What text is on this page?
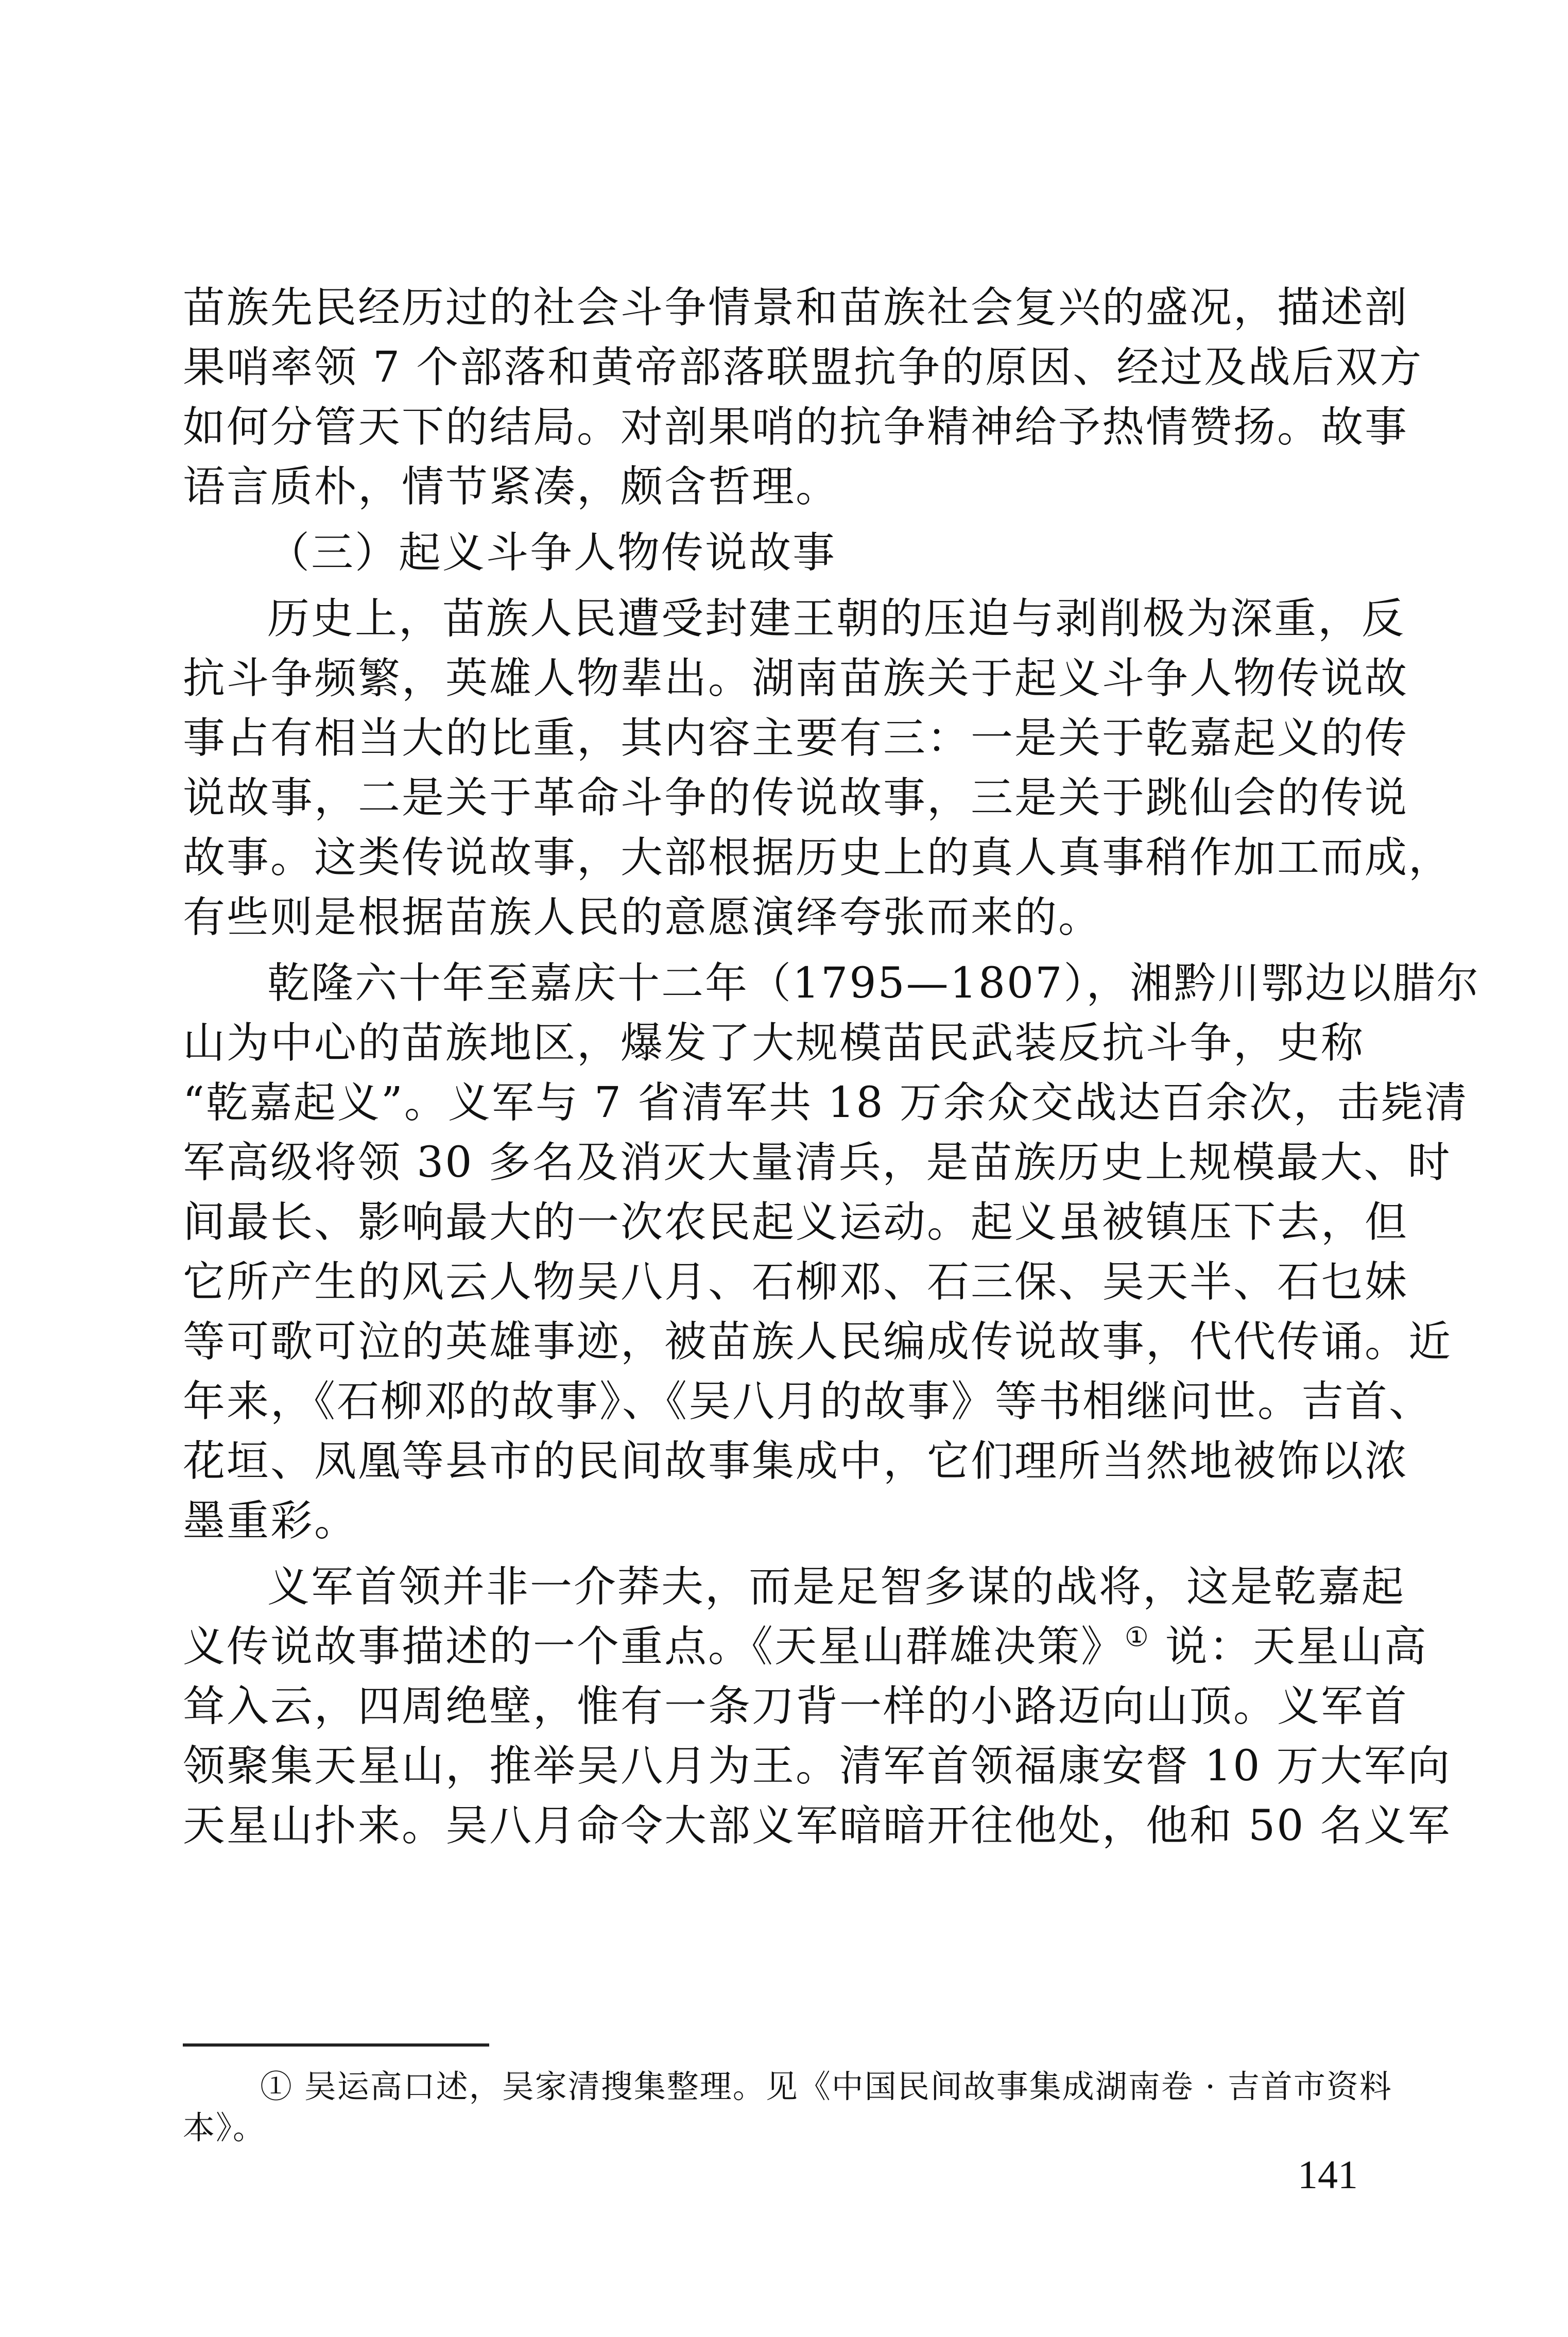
苗族先民经历过的社会斗争情景和苗族社会复兴的盛况，描述剖
果哨率领 7 个部落和黄帝部落联盟抗争的原因、经过及战后双方
如何分管天下的结局。对剖果哨的抗争精神给予热情赞扬。故事
语言质朴，情节紧凑，颇含哲理。
（三）起义斗争人物传说故事
历史上，苗族人民遭受封建王朝的压迫与剥削极为深重，反
抗斗争频繁，英雄人物辈出。湖南苗族关于起义斗争人物传说故
事占有相当大的比重，其内容主要有三：一是关于乾嘉起义的传
说故事，二是关于革命斗争的传说故事，三是关于跳仙会的传说
故事。这类传说故事，大部根据历史上的真人真事稍作加工而成，
有些则是根据苗族人民的意愿演绎夸张而来的。
乾隆六十年至嘉庆十二年（1795—1807），湘黔川鄂边以腊尔
山为中心的苗族地区，爆发了大规模苗民武装反抗斗争，史称
“乾嘉起义”。义军与 7 省清军共 18 万余众交战达百余次，击毙清
军高级将领 30 多名及消灭大量清兵，是苗族历史上规模最大、时
间最长、影响最大的一次农民起义运动。起义虽被镇压下去，但
它所产生的风云人物吴八月、石柳邓、石三保、吴天半、石乜妹
等可歌可泣的英雄事迹，被苗族人民编成传说故事，代代传诵。近
年来，《石柳邓的故事》、《吴八月的故事》等书相继问世。吉首、
花垣、凤凰等县市的民间故事集成中，它们理所当然地被饰以浓
墨重彩。
义军首领并非一介莽夫，而是足智多谋的战将，这是乾嘉起
义传说故事描述的一个重点。《天星山群雄决策》① 说：天星山高
耸入云，四周绝壁，惟有一条刀背一样的小路迈向山顶。义军首
领聚集天星山，推举吴八月为王。清军首领福康安督 10 万大军向
天星山扑来。吴八月命令大部义军暗暗开往他处，他和 50 名义军
① 吴运高口述，吴家清搜集整理。见《中国民间故事集成湖南卷 · 吉首市资料
本》。
141
